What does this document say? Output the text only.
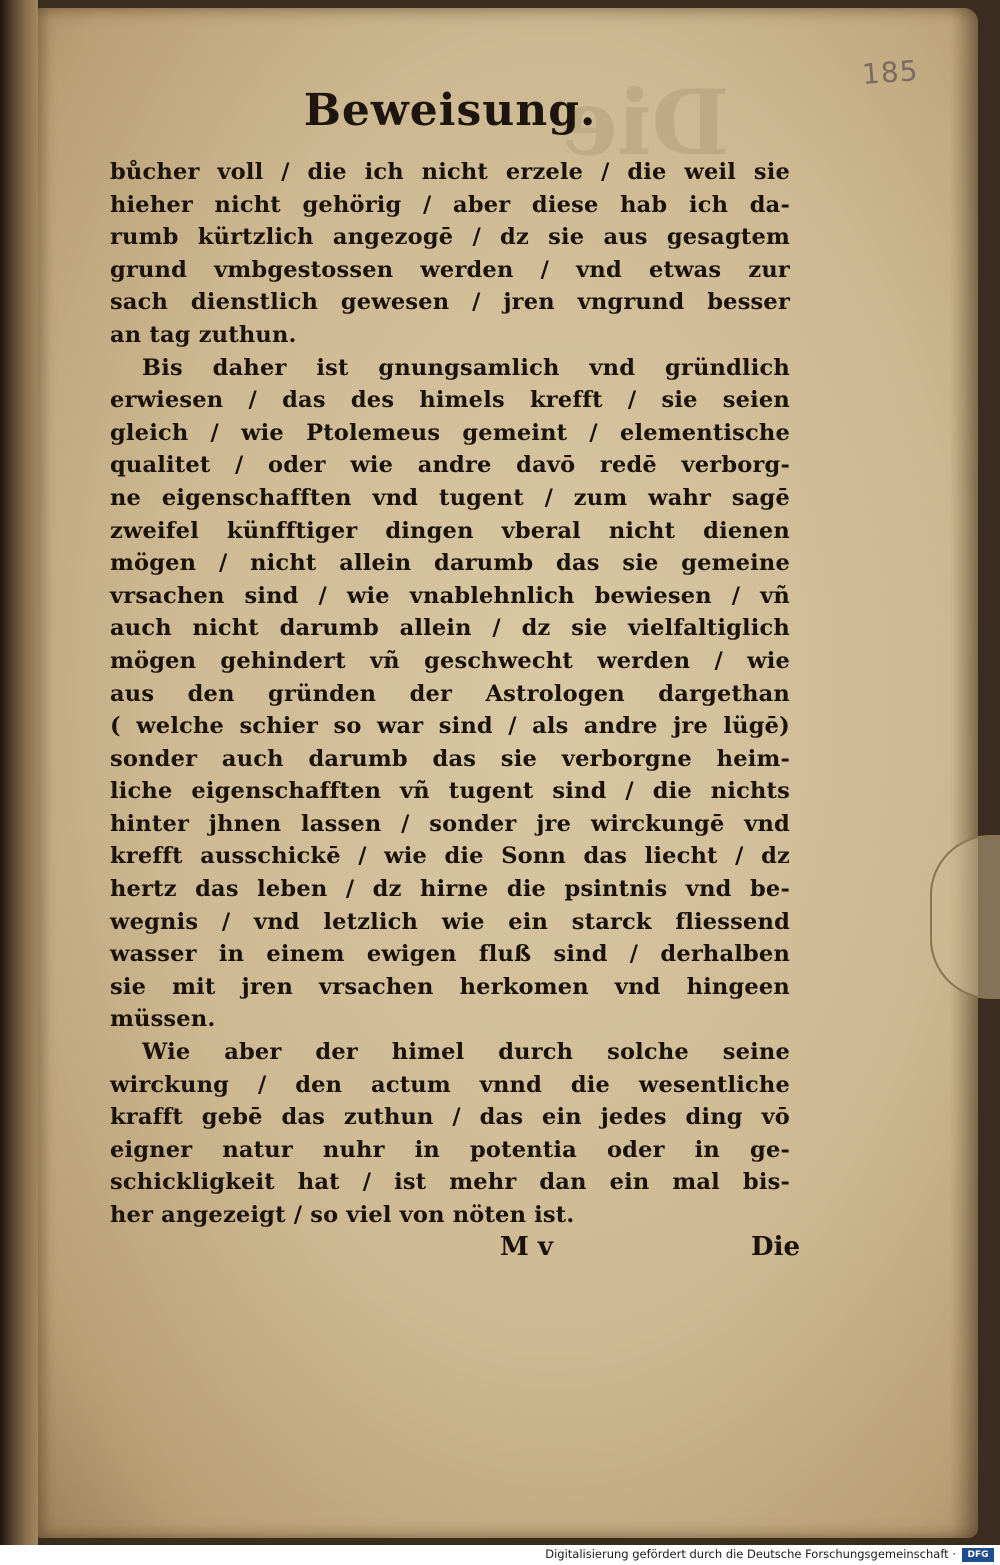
Die	185
Beweisung.
bůcher voll / die ich nicht erzele / die weil sie
hieher nicht gehörig / aber diese hab ich da-
rumb kürtzlich angezogē / dz sie aus gesagtem
grund vmbgestossen werden / vnd etwas zur
sach dienstlich gewesen / jren vngrund besser
an tag zuthun.
Bis daher ist gnungsamlich vnd gründlich
erwiesen / das des himels krefft / sie seien
gleich / wie Ptolemeus gemeint / elementische
qualitet / oder wie andre davō redē verborg-
ne eigenschafften vnd tugent / zum wahr sagē
zweifel künfftiger dingen vberal nicht dienen
mögen / nicht allein darumb das sie gemeine
vrsachen sind / wie vnablehnlich bewiesen / vñ
auch nicht darumb allein / dz sie vielfaltiglich
mögen gehindert vñ geschwecht werden / wie
aus den gründen der Astrologen dargethan
( welche schier so war sind / als andre jre lügē)
sonder auch darumb das sie verborgne heim-
liche eigenschafften vñ tugent sind / die nichts
hinter jhnen lassen / sonder jre wirckungē vnd
krefft ausschickē / wie die Sonn das liecht / dz
hertz das leben / dz hirne die psintnis vnd be-
wegnis / vnd letzlich wie ein starck fliessend
wasser in einem ewigen fluß sind / derhalben
sie mit jren vrsachen herkomen vnd hingeen
müssen.
Wie aber der himel durch solche seine
wirckung / den actum vnnd die wesentliche
krafft gebē das zuthun / das ein jedes ding vō
eigner natur nuhr in potentia oder in ge-
schickligkeit hat / ist mehr dan ein mal bis-
her angezeigt / so viel von nöten ist.
M v	Die
Digitalisierung gefördert durch die Deutsche Forschungsgemeinschaft ·	DFG
